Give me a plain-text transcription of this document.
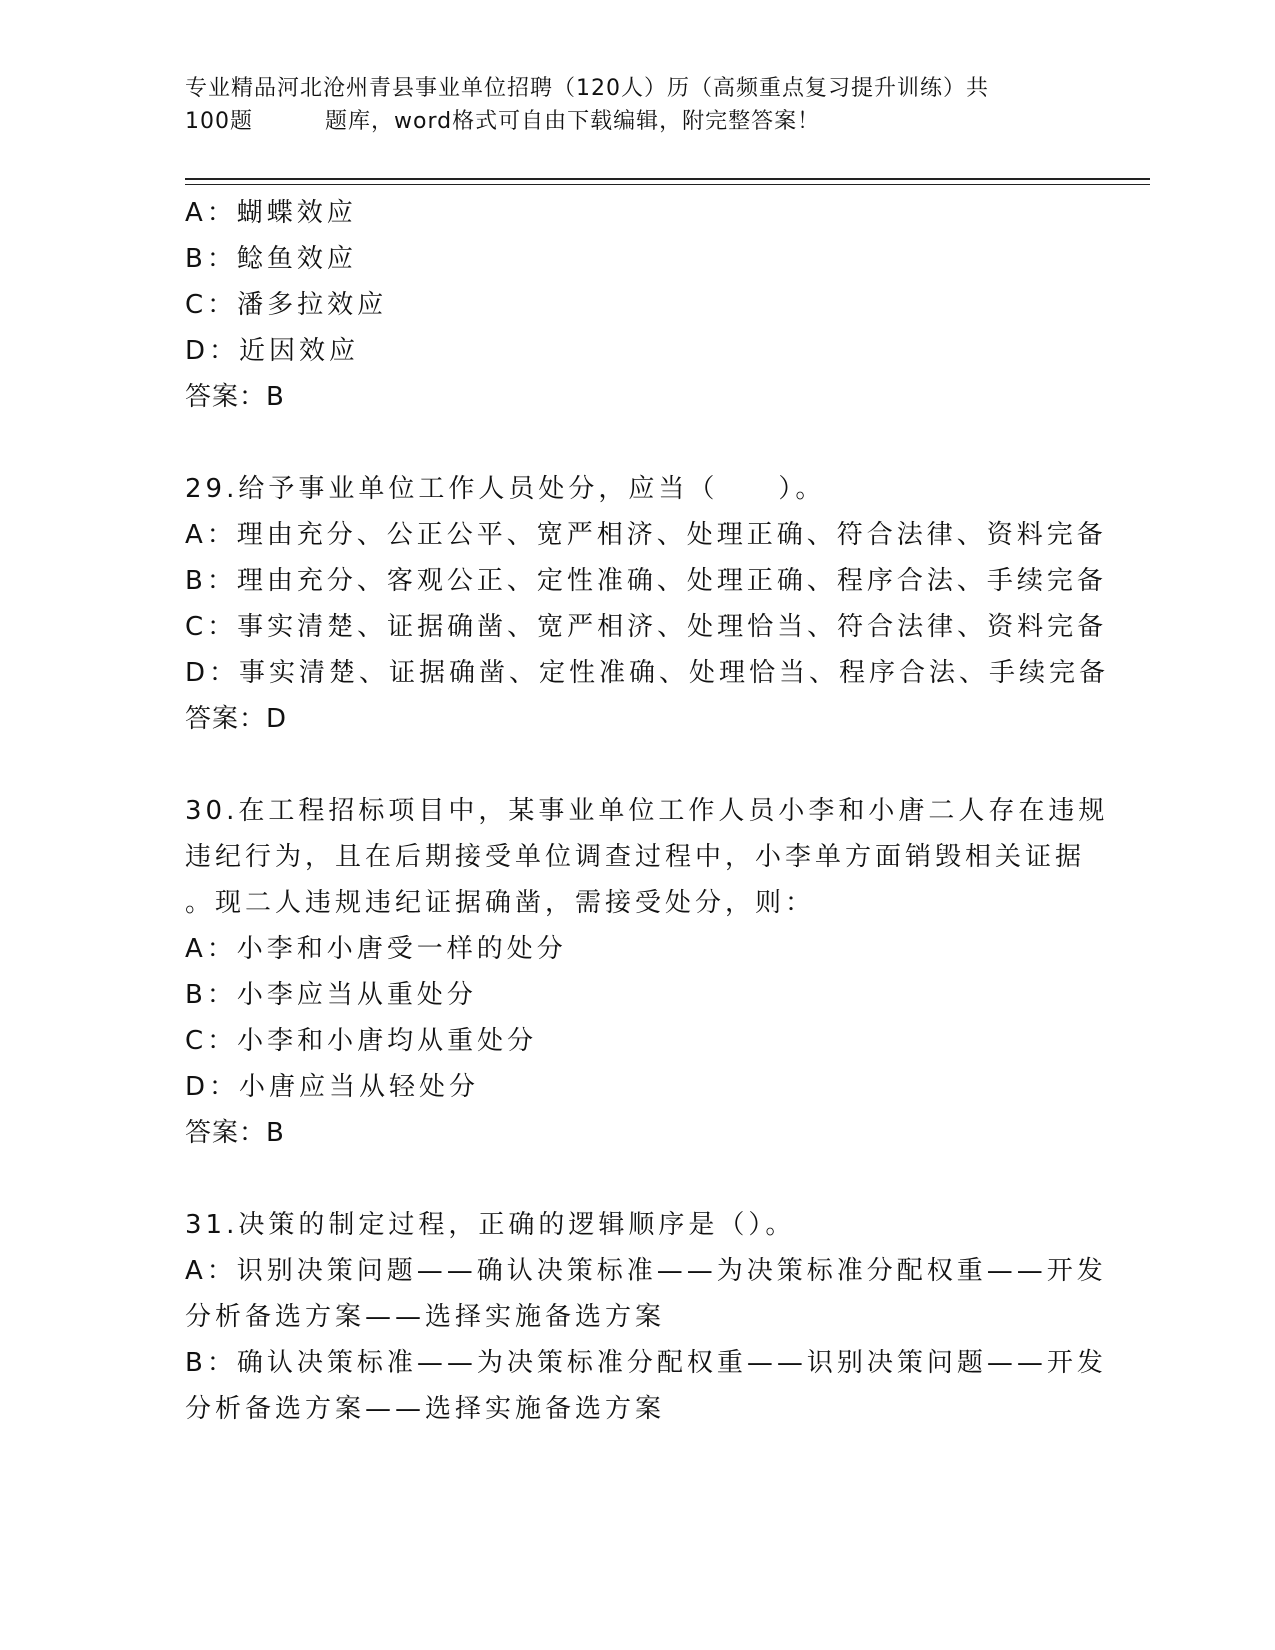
专业精品河北沧州青县事业单位招聘（120人）历（高频重点复习提升训练）共
100题	题库，word格式可自由下载编辑，附完整答案！
A：蝴蝶效应
B：鲶鱼效应
C：潘多拉效应
D：近因效应
答案：B
29.给予事业单位工作人员处分，应当（　　）。
A：理由充分、公正公平、宽严相济、处理正确、符合法律、资料完备
B：理由充分、客观公正、定性准确、处理正确、程序合法、手续完备
C：事实清楚、证据确凿、宽严相济、处理恰当、符合法律、资料完备
D：事实清楚、证据确凿、定性准确、处理恰当、程序合法、手续完备
答案：D
30.在工程招标项目中，某事业单位工作人员小李和小唐二人存在违规
违纪行为，且在后期接受单位调查过程中，小李单方面销毁相关证据
。现二人违规违纪证据确凿，需接受处分，则：
A：小李和小唐受一样的处分
B：小李应当从重处分
C：小李和小唐均从重处分
D：小唐应当从轻处分
答案：B
31.决策的制定过程，正确的逻辑顺序是（）。
A：识别决策问题——确认决策标准——为决策标准分配权重——开发
分析备选方案——选择实施备选方案
B：确认决策标准——为决策标准分配权重——识别决策问题——开发
分析备选方案——选择实施备选方案
